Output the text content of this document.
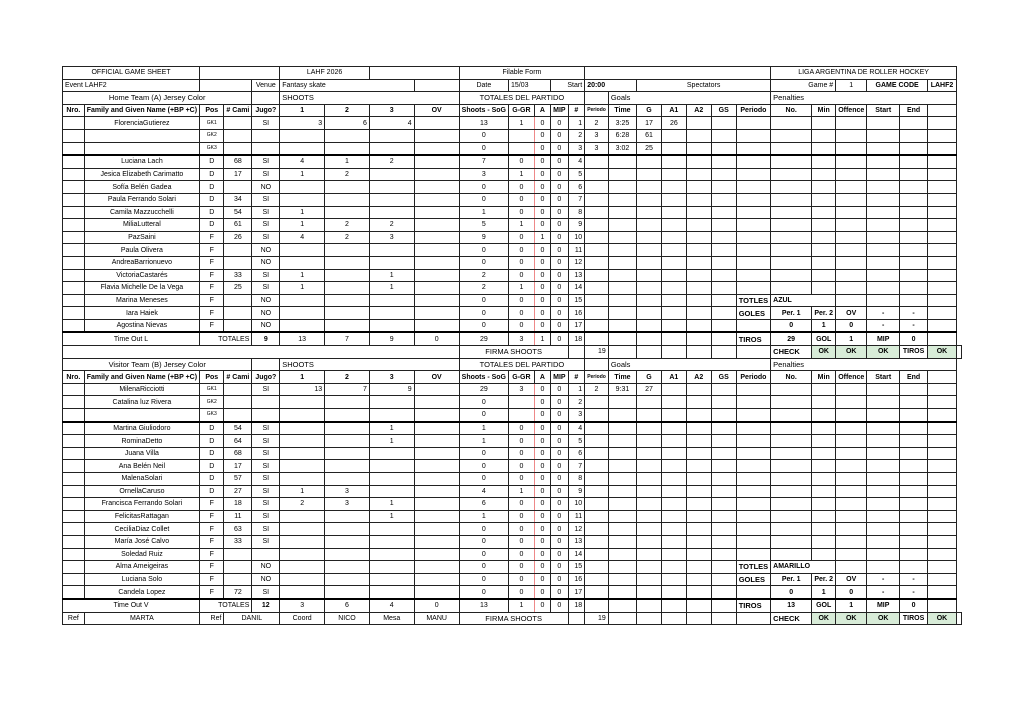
OFFICIAL GAME SHEET					LAHF 2026				Filable Form												LIGA ARGENTINA DE ROLLER HOCKEY						
Event LAHF2				Venue	Fantasy skate				Date	15/03		Start		20:00		Spectators					Game #		1	GAME CODE		LAHF2	
Home Team (A) Jersey Color					SHOOTS				TOTALES DEL PARTIDO						Goals						Penalties						
Nro.	Family and Given Name (+BP +C)	Pos	# Cami	Jugo?	1	2	3	OV	Shoots - SoG	G-GR	A	MIP	#	Periodo	Time	G	A1	A2	GS	Periodo	No.	Min	Offence	Start	End		
	FlorenciaGutierez	GK1		SI	3	6	4		13	1	0	0	1	2	3:25	17	26										
		GK2							0		0	0	2	3	6:28	61											
		GK3							0		0	0	3	3	3:02	25											
	Luciana Lach	D	68	SI	4	1	2		7	0	0	0	4														
	Jesica Elizabeth Carimatto	D	17	SI	1	2			3	1	0	0	5														
	Sofía Belén Gadea	D		NO					0	0	0	0	6														
	Paula Ferrando Solari	D	34	SI					0	0	0	0	7														
	Camila Mazzucchelli	D	54	SI	1				1	0	0	0	8														
	MiliaLutteral	D	61	SI	1	2	2		5	1	0	0	9														
	PazSaini	F	26	SI	4	2	3		9	0	1	0	10														
	Paula Olivera	F		NO					0	0	0	0	11														
	AndreaBarrionuevo	F		NO					0	0	0	0	12														
	VictoriaCastarés	F	33	SI	1		1		2	0	0	0	13														
	Flavia Michelle De la Vega	F	25	SI	1		1		2	1	0	0	14														
	Marina Meneses	F		NO					0	0	0	0	15							TOTLES	AZUL						
	Iara Haiek	F		NO					0	0	0	0	16							GOLES	Per. 1	Per. 2	OV	-	-		
	Agostina Nievas	F		NO					0	0	0	0	17								0	1	0	-	-		
Time Out L		TOTALES		9	13	7	9	0	29	3	1	0	18							TIROS	29	GOL	1	MIP	0		
									FIRMA SHOOTS					19							CHECK	OK	OK	OK	TIROS	OK	
Visitor Team (B) Jersey Color					SHOOTS				TOTALES DEL PARTIDO						Goals						Penalties						
Nro.	Family and Given Name (+BP +C)	Pos	# Cami	Jugo?	1	2	3	OV	Shoots - SoG	G-GR	A	MIP	#	Periodo	Time	G	A1	A2	GS	Periodo	No.	Min	Offence	Start	End		
	MilenaRicciotti	GK1		SI	13	7	9		29	3	0	0	1	2	9:31	27											
	Catalina luz Rivera	GK2							0		0	0	2														
		GK3							0		0	0	3														
	Martina Giuliodoro	D	54	SI			1		1	0	0	0	4														
	RominaDetto	D	64	SI			1		1	0	0	0	5														
	Juana Villa	D	68	SI					0	0	0	0	6														
	Ana Belén Neil	D	17	SI					0	0	0	0	7														
	MalenaSolari	D	57	SI					0	0	0	0	8														
	OrnellaCaruso	D	27	SI	1	3			4	1	0	0	9														
	Francisca Ferrando Solari	F	18	SI	2	3	1		6	0	0	0	10														
	FelicitasRattagan	F	11	SI			1		1	0	0	0	11														
	CeciliaDiaz Collet	F	63	SI					0	0	0	0	12														
	María José Calvo	F	33	SI					0	0	0	0	13														
	Soledad Ruiz	F							0	0	0	0	14														
	Alma Ameigeiras	F		NO					0	0	0	0	15							TOTLES	AMARILLO						
	Luciana Solo	F		NO					0	0	0	0	16							GOLES	Per. 1	Per. 2	OV	-	-		
	Candela Lopez	F	72	SI					0	0	0	0	17								0	1	0	-	-		
Time Out V		TOTALES		12	3	6	4	0	13	1	0	0	18							TIROS	13	GOL	1	MIP	0		
Ref	MARTA	Ref	DANIL		Coord	NICO	Mesa	MANU	FIRMA SHOOTS					19							CHECK	OK	OK	OK	TIROS	OK	
